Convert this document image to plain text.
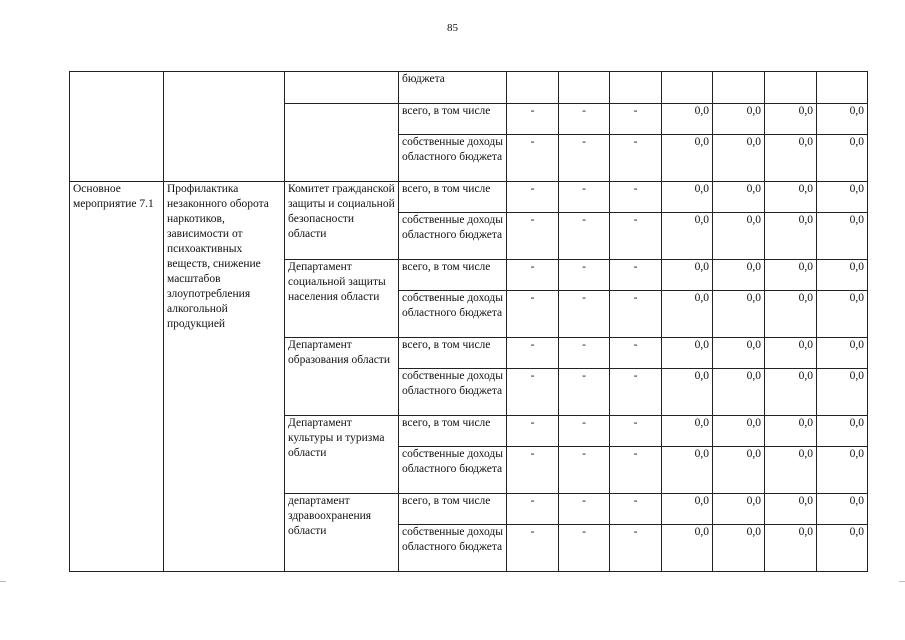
85
			бюджета							
			всего, в том числе	-	-	-	0,0	0,0	0,0	0,0
			собственные доходы областного бюджета	-	-	-	0,0	0,0	0,0	0,0
Основное мероприятие 7.1	Профилактика незаконного оборота наркотиков, зависимости от психоактивных веществ, снижение масштабов злоупотребления алкогольной продукцией	Комитет гражданской защиты и социальной безопасности области	всего, в том числе	-	-	-	0,0	0,0	0,0	0,0
			собственные доходы областного бюджета	-	-	-	0,0	0,0	0,0	0,0
		Департамент социальной защиты населения области	всего, в том числе	-	-	-	0,0	0,0	0,0	0,0
			собственные доходы областного бюджета	-	-	-	0,0	0,0	0,0	0,0
		Департамент образования области	всего, в том числе	-	-	-	0,0	0,0	0,0	0,0
			собственные доходы областного бюджета	-	-	-	0,0	0,0	0,0	0,0
		Департамент культуры и туризма области	всего, в том числе	-	-	-	0,0	0,0	0,0	0,0
			собственные доходы областного бюджета	-	-	-	0,0	0,0	0,0	0,0
		департамент здравоохранения области	всего, в том числе	-	-	-	0,0	0,0	0,0	0,0
			собственные доходы областного бюджета	-	-	-	0,0	0,0	0,0	0,0
